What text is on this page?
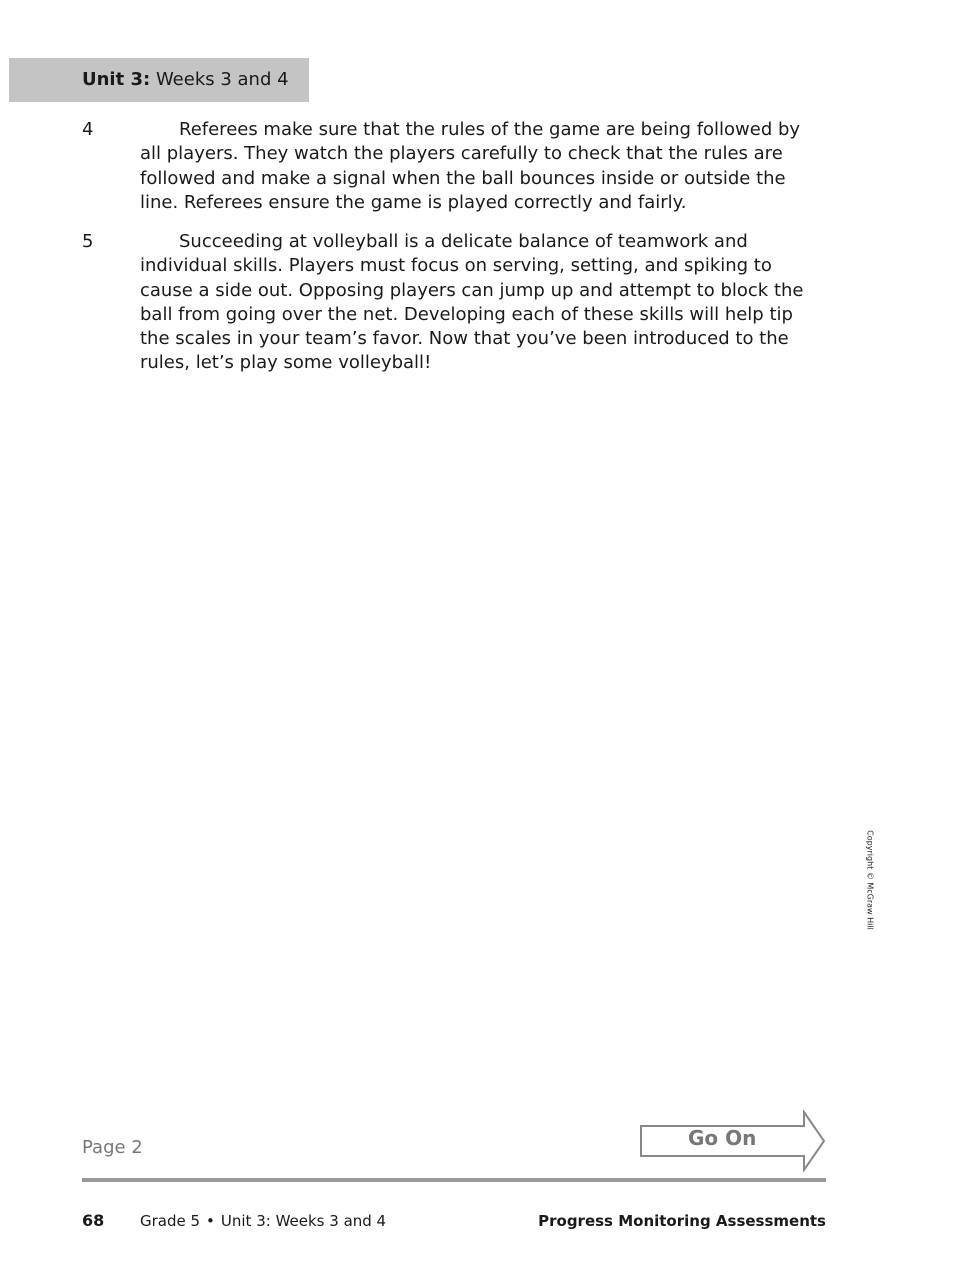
Unit 3: Weeks 3 and 4
4	Referees make sure that the rules of the game are being followed by all players. They watch the players carefully to check that the rules are followed and make a signal when the ball bounces inside or outside the line. Referees ensure the game is played correctly and fairly.
5	Succeeding at volleyball is a delicate balance of teamwork and individual skills. Players must focus on serving, setting, and spiking to cause a side out. Opposing players can jump up and attempt to block the ball from going over the net. Developing each of these skills will help tip the scales in your team’s favor. Now that you’ve been introduced to the rules, let’s play some volleyball!
Copyright © McGraw Hill
Page 2	Go On
68 Grade 5 • Unit 3: Weeks 3 and 4	Progress Monitoring Assessments
